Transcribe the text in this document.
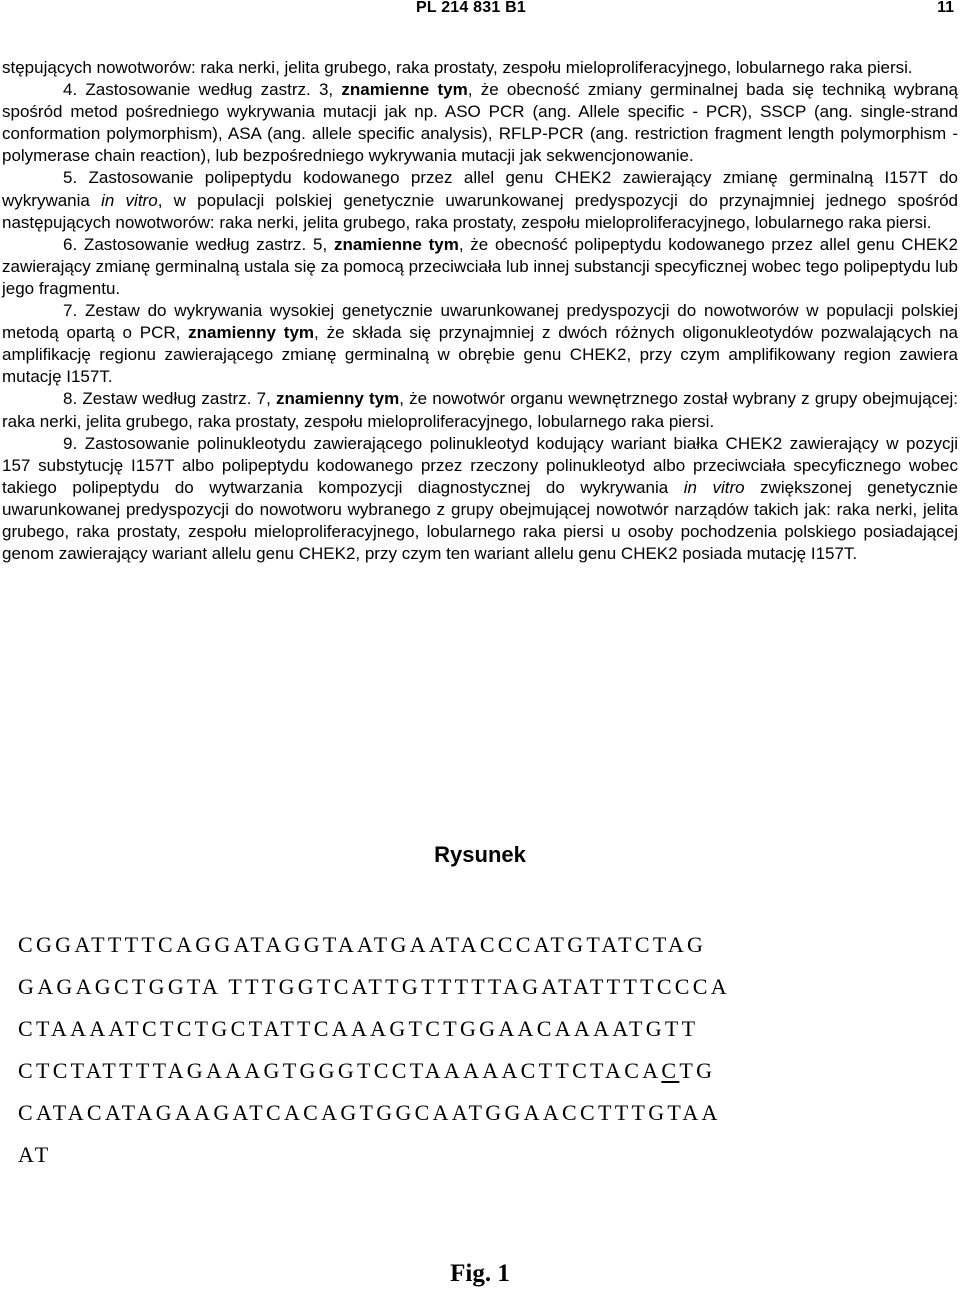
PL 214 831 B1	11

stępujących nowotworów: raka nerki, jelita grubego, raka prostaty, zespołu mieloproliferacyjnego, lobularnego raka piersi.

4. Zastosowanie według zastrz. 3, znamienne tym, że obecność zmiany germinalnej bada się techniką wybraną spośród metod pośredniego wykrywania mutacji jak np. ASO PCR (ang. Allele specific - PCR), SSCP (ang. single-strand conformation polymorphism), ASA (ang. allele specific analysis), RFLP-PCR (ang. restriction fragment length polymorphism - polymerase chain reaction), lub bezpośredniego wykrywania mutacji jak sekwencjonowanie.

5. Zastosowanie polipeptydu kodowanego przez allel genu CHEK2 zawierający zmianę germinalną I157T do wykrywania in vitro, w populacji polskiej genetycznie uwarunkowanej predyspozycji do przynajmniej jednego spośród następujących nowotworów: raka nerki, jelita grubego, raka prostaty, zespołu mieloproliferacyjnego, lobularnego raka piersi.

6. Zastosowanie według zastrz. 5, znamienne tym, że obecność polipeptydu kodowanego przez allel genu CHEK2 zawierający zmianę germinalną ustala się za pomocą przeciwciała lub innej substancji specyficznej wobec tego polipeptydu lub jego fragmentu.

7. Zestaw do wykrywania wysokiej genetycznie uwarunkowanej predyspozycji do nowotworów w populacji polskiej metodą opartą o PCR, znamienny tym, że składa się przynajmniej z dwóch różnych oligonukleotydów pozwalających na amplifikację regionu zawierającego zmianę germinalną w obrębie genu CHEK2, przy czym amplifikowany region zawiera mutację I157T.

8. Zestaw według zastrz. 7, znamienny tym, że nowotwór organu wewnętrznego został wybrany z grupy obejmującej: raka nerki, jelita grubego, raka prostaty, zespołu mieloproliferacyjnego, lobularnego raka piersi.

9. Zastosowanie polinukleotydu zawierającego polinukleotyd kodujący wariant białka CHEK2 zawierający w pozycji 157 substytucję I157T albo polipeptydu kodowanego przez rzeczony polinukleotyd albo przeciwciała specyficznego wobec takiego polipeptydu do wytwarzania kompozycji diagnostycznej do wykrywania in vitro zwiększonej genetycznie uwarunkowanej predyspozycji do nowotworu wybranego z grupy obejmującej nowotwór narządów takich jak: raka nerki, jelita grubego, raka prostaty, zespołu mieloproliferacyjnego, lobularnego raka piersi u osoby pochodzenia polskiego posiadającej genom zawierający wariant allelu genu CHEK2, przy czym ten wariant allelu genu CHEK2 posiada mutację I157T.

Rysunek
CGGATTTTCAGGATAGGTAATGAATACCCATGTATCTAG
GAGAGCTGGTA TTTGGTCATTGTTTTTAGATATTTTCCCA
CTAAAATCTCTGCTATTCAAAGTCTGGAACAAAATGTT
CTCTATTTTAGAAAGTGGGTCCTAAAAACTTCTACACTG
CATACATAGAAGATCACAGTGGCAATGGAACCTTTGTAA
AT
Fig. 1
